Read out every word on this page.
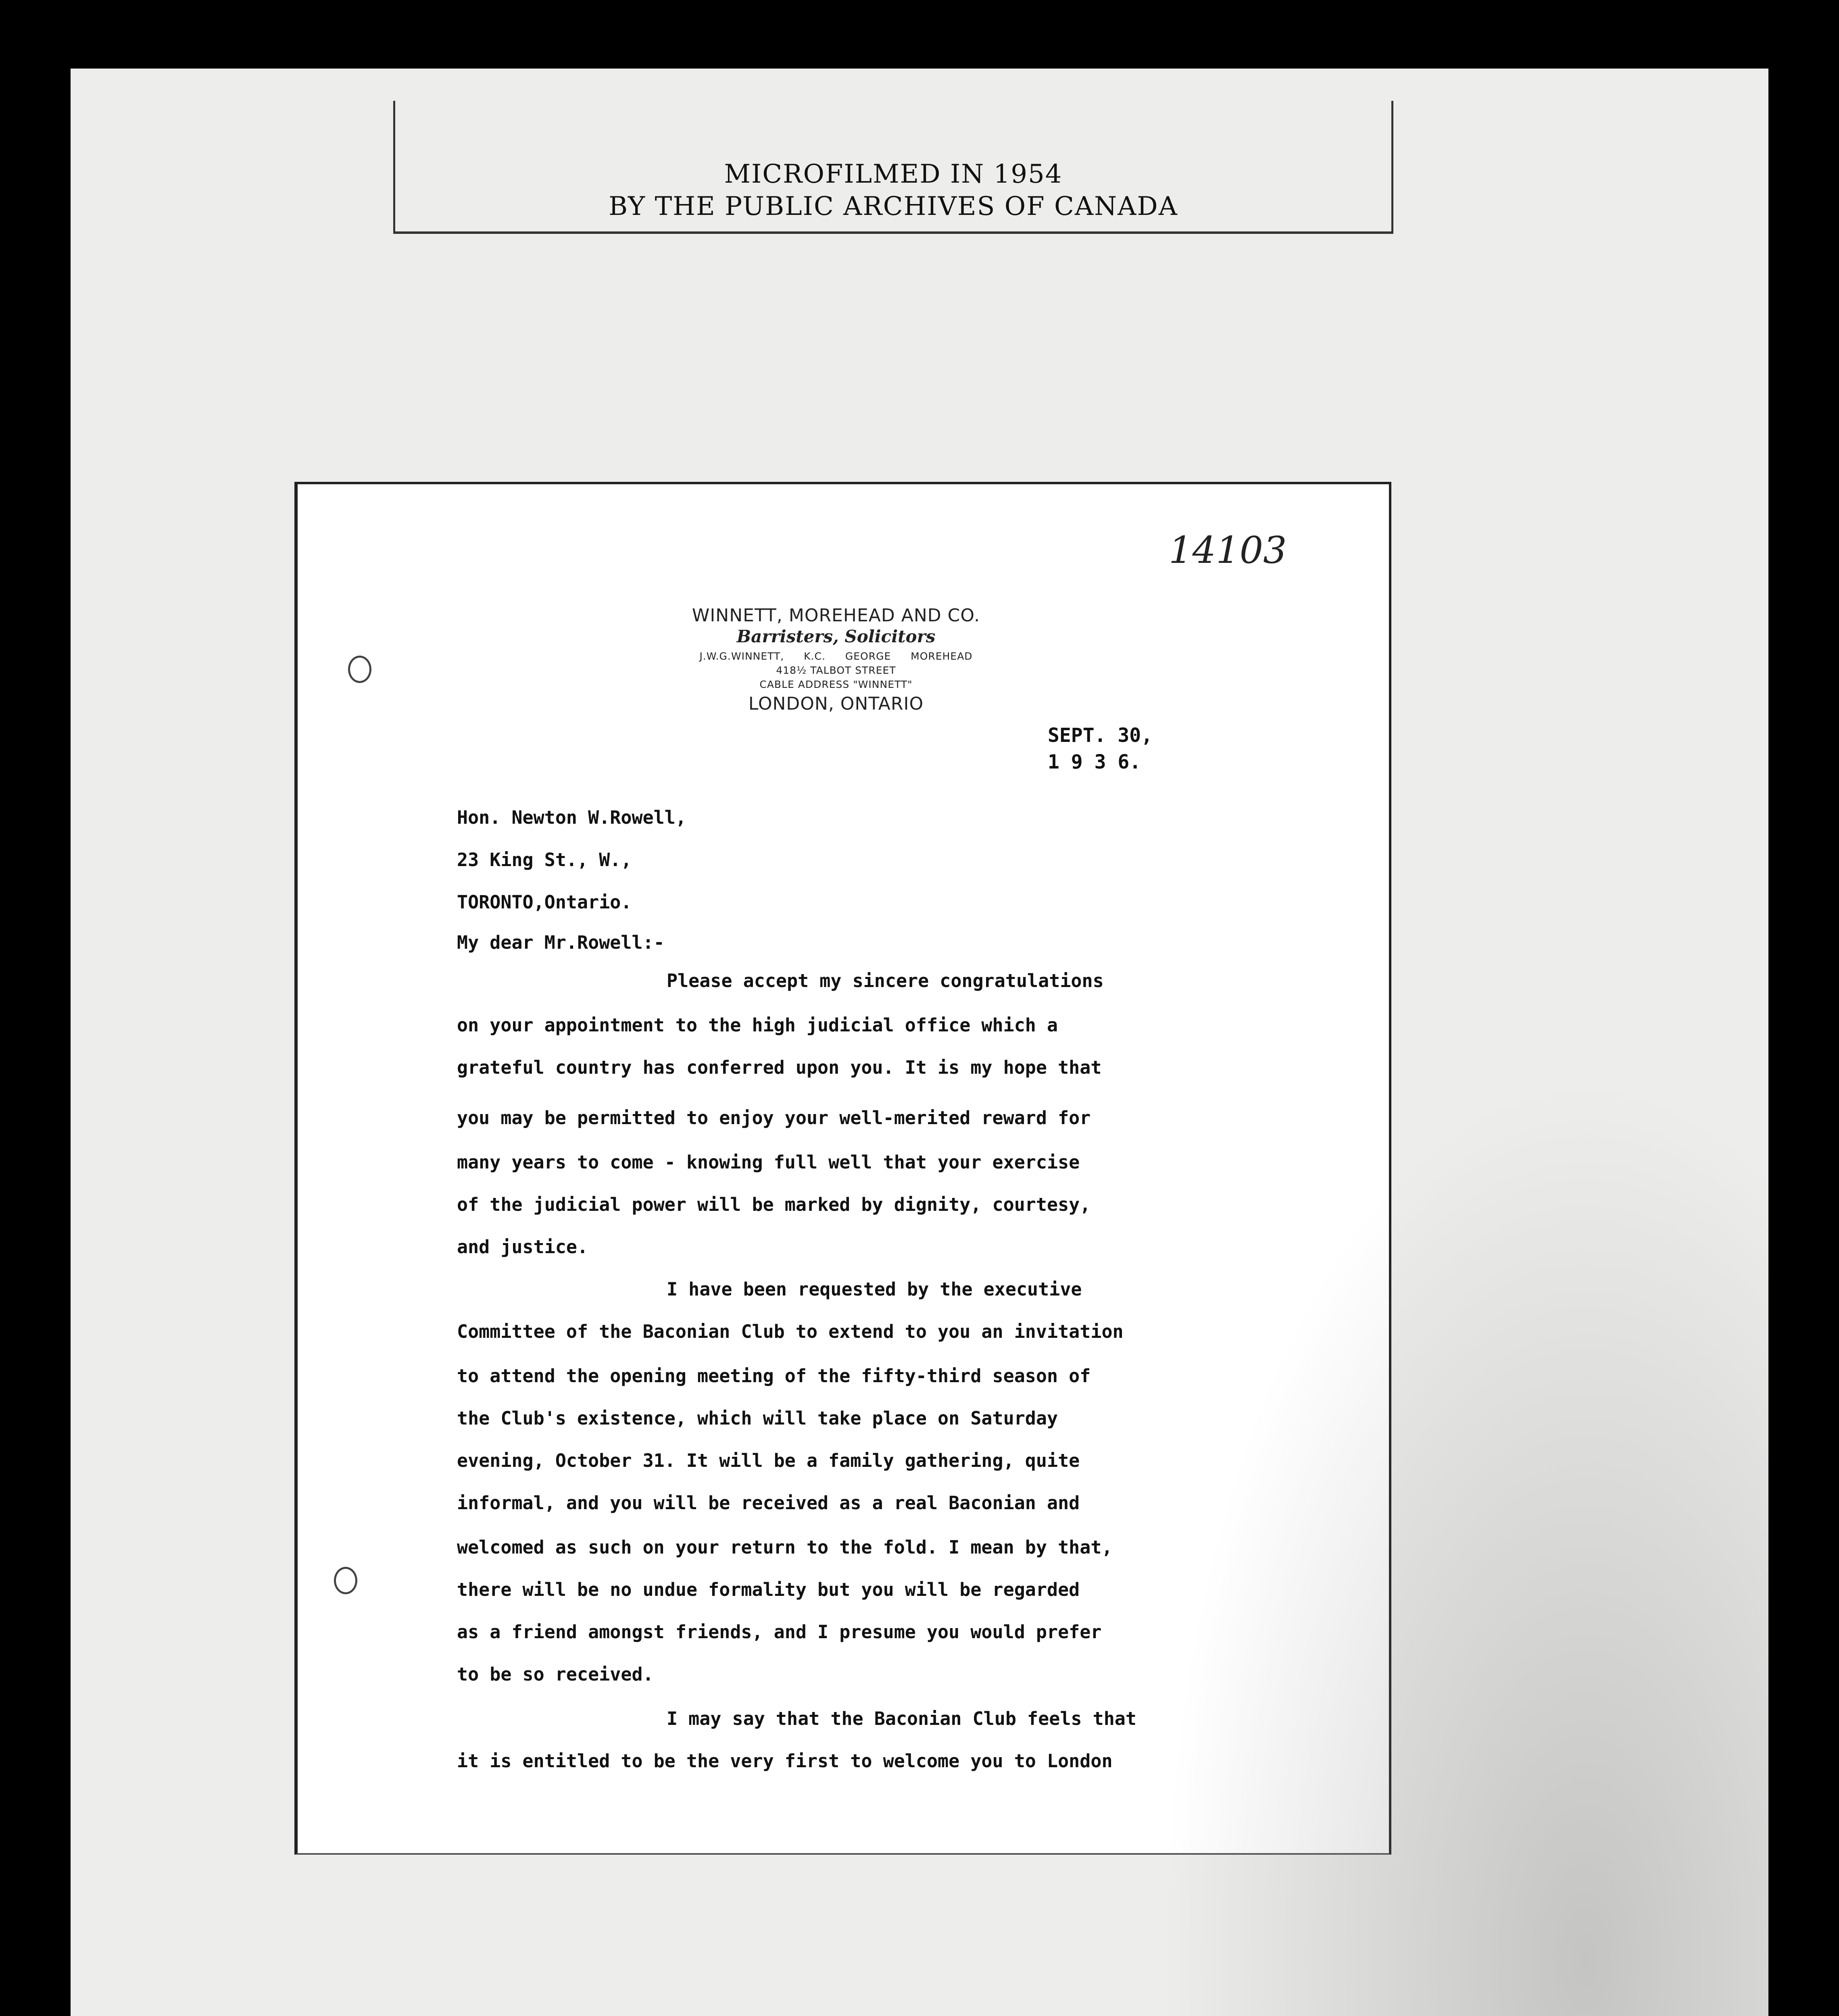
MICROFILMED IN 1954
BY THE PUBLIC ARCHIVES OF CANADA
14103
WINNETT, MOREHEAD AND CO.
Barristers, Solicitors
J.W.G.WINNETT, K.C. GEORGE MOREHEAD
418½ TALBOT STREET
CABLE ADDRESS "WINNETT"
LONDON, ONTARIO
SEPT. 30,
1 9 3 6.
Hon. Newton W.Rowell,
23 King St., W.,
TORONTO,Ontario.
My dear Mr.Rowell:-
Please accept my sincere congratulations
on your appointment to the high judicial office which a
grateful country has conferred upon you. It is my hope that
you may be permitted to enjoy your well-merited reward for
many years to come - knowing full well that your exercise
of the judicial power will be marked by dignity, courtesy,
and justice.
I have been requested by the executive
Committee of the Baconian Club to extend to you an invitation
to attend the opening meeting of the fifty-third season of
the Club's existence, which will take place on Saturday
evening, October 31. It will be a family gathering, quite
informal, and you will be received as a real Baconian and
welcomed as such on your return to the fold. I mean by that,
there will be no undue formality but you will be regarded
as a friend amongst friends, and I presume you would prefer
to be so received.
I may say that the Baconian Club feels that
it is entitled to be the very first to welcome you to London
